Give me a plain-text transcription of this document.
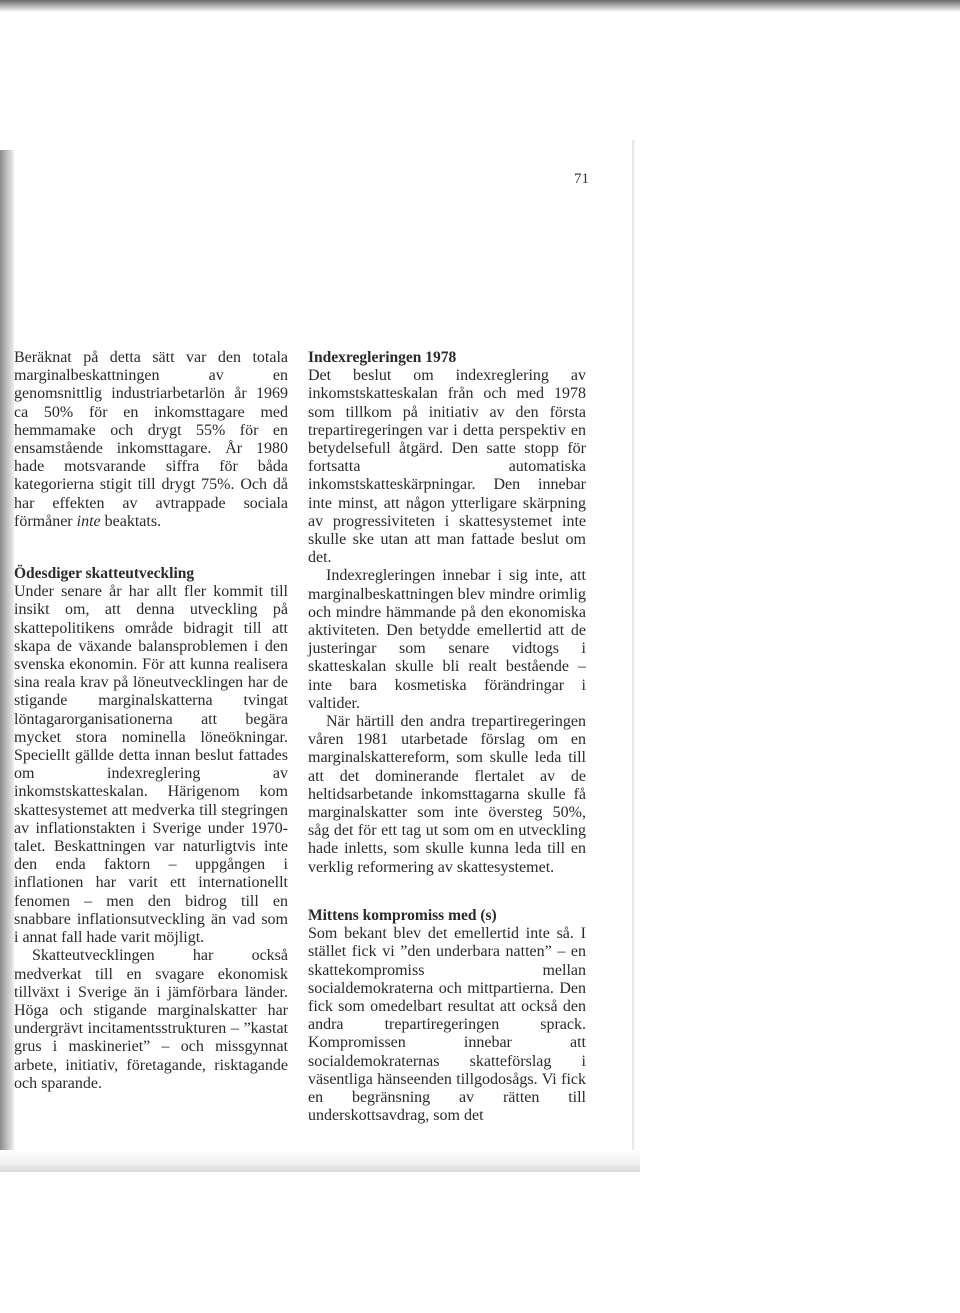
71

Beräknat på detta sätt var den totala marginalbeskattningen av en genomsnittlig industriarbetarlön år 1969 ca 50% för en inkomsttagare med hemmamake och drygt 55% för en ensamstående inkomsttagare. År 1980 hade motsvarande siffra för båda kategorierna stigit till drygt 75%. Och då har effekten av avtrappade sociala förmåner inte beaktats.

Ödesdiger skatteutveckling

Under senare år har allt fler kommit till insikt om, att denna utveckling på skattepolitikens område bidragit till att skapa de växande balansproblemen i den svenska ekonomin. För att kunna realisera sina reala krav på löneutvecklingen har de stigande marginalskatterna tvingat löntagarorganisationerna att begära mycket stora nominella löneökningar. Speciellt gällde detta innan beslut fattades om indexreglering av inkomstskatteskalan. Härigenom kom skattesystemet att medverka till stegringen av inflationstakten i Sverige under 1970-talet. Beskattningen var naturligtvis inte den enda faktorn – uppgången i inflationen har varit ett internationellt fenomen – men den bidrog till en snabbare inflationsutveckling än vad som i annat fall hade varit möjligt.

Skatteutvecklingen har också medverkat till en svagare ekonomisk tillväxt i Sverige än i jämförbara länder. Höga och stigande marginalskatter har undergrävt incitamentsstrukturen – ”kastat grus i maskineriet” – och missgynnat arbete, initiativ, företagande, risktagande och sparande.

Indexregleringen 1978

Det beslut om indexreglering av inkomstskatteskalan från och med 1978 som tillkom på initiativ av den första trepartiregeringen var i detta perspektiv en betydelsefull åtgärd. Den satte stopp för fortsatta automatiska inkomstskatteskärpningar. Den innebar inte minst, att någon ytterligare skärpning av progressiviteten i skattesystemet inte skulle ske utan att man fattade beslut om det.

Indexregleringen innebar i sig inte, att marginalbeskattningen blev mindre orimlig och mindre hämmande på den ekonomiska aktiviteten. Den betydde emellertid att de justeringar som senare vidtogs i skatteskalan skulle bli realt bestående – inte bara kosmetiska förändringar i valtider.

När härtill den andra trepartiregeringen våren 1981 utarbetade förslag om en marginalskattereform, som skulle leda till att det dominerande flertalet av de heltidsarbetande inkomsttagarna skulle få marginalskatter som inte översteg 50%, såg det för ett tag ut som om en utveckling hade inletts, som skulle kunna leda till en verklig reformering av skattesystemet.

Mittens kompromiss med (s)

Som bekant blev det emellertid inte så. I stället fick vi ”den underbara natten” – en skattekompromiss mellan socialdemokraterna och mittpartierna. Den fick som omedelbart resultat att också den andra trepartiregeringen sprack. Kompromissen innebar att socialdemokraternas skatteförslag i väsentliga hänseenden tillgodosågs. Vi fick en begränsning av rätten till underskottsavdrag, som det
